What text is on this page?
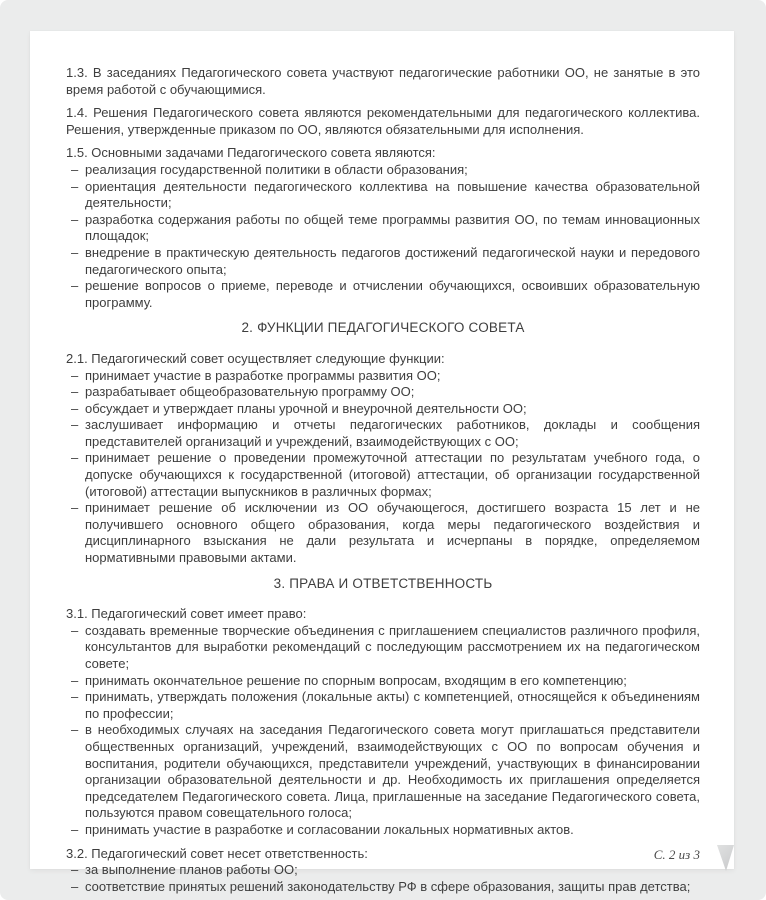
1.3. В заседаниях Педагогического совета участвуют педагогические работники ОО, не занятые в это время работой с обучающимися.

1.4. Решения Педагогического совета являются рекомендательными для педагогического коллектива. Решения, утвержденные приказом по ОО, являются обязательными для исполнения.

1.5. Основными задачами Педагогического совета являются:

– реализация государственной политики в области образования;
– ориентация деятельности педагогического коллектива на повышение качества образовательной деятельности;
– разработка содержания работы по общей теме программы развития ОО, по темам инновационных площадок;
– внедрение в практическую деятельность педагогов достижений педагогической науки и передового педагогического опыта;
– решение вопросов о приеме, переводе и отчислении обучающихся, освоивших образовательную программу.
2. ФУНКЦИИ ПЕДАГОГИЧЕСКОГО СОВЕТА

2.1. Педагогический совет осуществляет следующие функции:

– принимает участие в разработке программы развития ОО;
– разрабатывает общеобразовательную программу ОО;
– обсуждает и утверждает планы урочной и внеурочной деятельности ОО;
– заслушивает информацию и отчеты педагогических работников, доклады и сообщения представителей организаций и учреждений, взаимодействующих с ОО;
– принимает решение о проведении промежуточной аттестации по результатам учебного года, о допуске обучающихся к государственной (итоговой) аттестации, об организации государственной (итоговой) аттестации выпускников в различных формах;
– принимает решение об исключении из ОО обучающегося, достигшего возраста 15 лет и не получившего основного общего образования, когда меры педагогического воздействия и дисциплинарного взыскания не дали результата и исчерпаны в порядке, определяемом нормативными правовыми актами.
3. ПРАВА И ОТВЕТСТВЕННОСТЬ

3.1. Педагогический совет имеет право:

– создавать временные творческие объединения с приглашением специалистов различного профиля, консультантов для выработки рекомендаций с последующим рассмотрением их на педагогическом совете;
– принимать окончательное решение по спорным вопросам, входящим в его компетенцию;
– принимать, утверждать положения (локальные акты) с компетенцией, относящейся к объединениям по профессии;
– в необходимых случаях на заседания Педагогического совета могут приглашаться представители общественных организаций, учреждений, взаимодействующих с ОО по вопросам обучения и воспитания, родители обучающихся, представители учреждений, участвующих в финансировании организации образовательной деятельности и др. Необходимость их приглашения определяется председателем Педагогического совета. Лица, приглашенные на заседание Педагогического совета, пользуются правом совещательного голоса;
– принимать участие в разработке и согласовании локальных нормативных актов.

3.2. Педагогический совет несет ответственность:

– за выполнение планов работы ОО;
– соответствие принятых решений законодательству РФ в сфере образования, защиты прав детства;
С. 2 из 3
